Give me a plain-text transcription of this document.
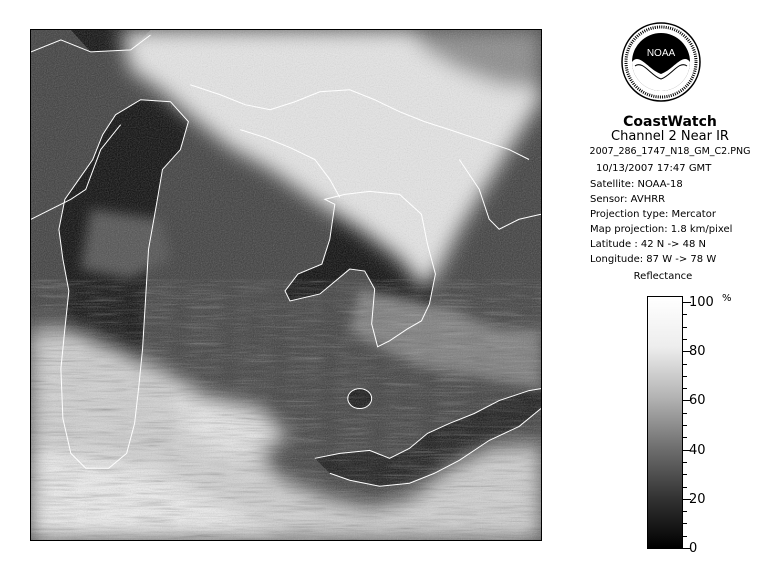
NOAA
CoastWatch
Channel 2 Near IR
2007_286_1747_N18_GM_C2.PNG
10/13/2007 17:47 GMT
Satellite: NOAA-18
Sensor: AVHRR
Projection type: Mercator
Map projection: 1.8 km/pixel
Latitude : 42 N -> 48 N
Longitude: 87 W -> 78 W
Reflectance
%
100
80
60
40
20
0
